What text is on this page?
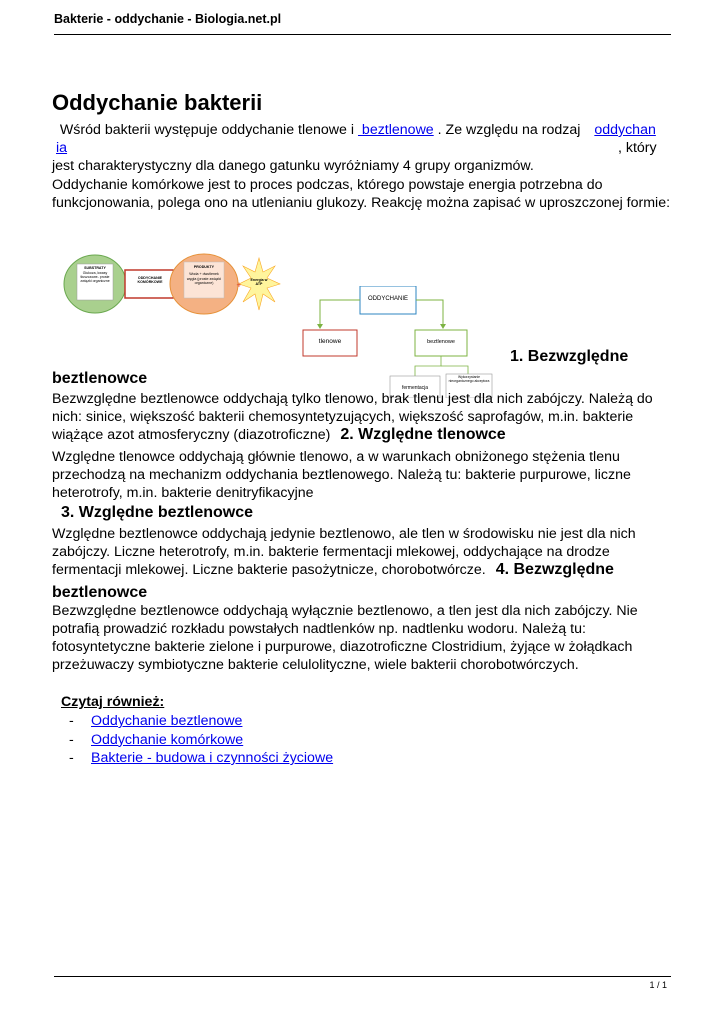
Bakterie - oddychanie - Biologia.net.pl
Oddychanie bakterii
Wśród bakterii występuje oddychanie tlenowe i  beztlenowe . Ze względu na rodzaj oddychan
ia	, który
jest charakterystyczny dla danego gatunku wyróżniamy 4 grupy organizmów.

Oddychanie komórkowe jest to proces podczas, którego powstaje energia potrzebna do funkcjonowania, polega ono na utlenianiu glukozy. Reakcję można zapisać w uproszczonej formie:

SUBSTRATY
Glukoza, kwasy tłuszczowe- proste związki organiczne
ODDYCHANIE KOMÓRKOWE
PRODUKTY
Woda + dwutlenek węgla (proste związki organiczne)	+	Energia w ATP
ODDYCHANIE
tlenowe	beztlenowe
fermentacja
Wykorzystanie nieorganicznego akceptora
1. Bezwzględne
beztlenowce

Bezwzględne beztlenowce oddychają tylko tlenowo, brak tlenu jest dla nich zabójczy. Należą do nich: sinice, większość bakterii chemosyntetyzujących, większość saprofagów, m.in. bakterie wiążące azot atmosferyczny (diazotroficzne) 2. Względne tlenowce

Względne tlenowce oddychają głównie tlenowo, a w warunkach obniżonego stężenia tlenu przechodzą na mechanizm oddychania beztlenowego. Należą tu: bakterie purpurowe, liczne heterotrofy, m.in. bakterie denitryfikacyjne

3. Względne beztlenowce

Względne beztlenowce oddychają jedynie beztlenowo, ale tlen w środowisku nie jest dla nich zabójczy. Liczne heterotrofy, m.in. bakterie fermentacji mlekowej, oddychające na drodze fermentacji mlekowej. Liczne bakterie pasożytnicze, chorobotwórcze. 4. Bezwzględne

beztlenowce

Bezwzględne beztlenowce oddychają wyłącznie beztlenowo, a tlen jest dla nich zabójczy. Nie potrafią prowadzić rozkładu powstałych nadtlenków np. nadtlenku wodoru. Należą tu: fotosyntetyczne bakterie zielone i purpurowe, diazotroficzne Clostridium, żyjące w żołądkach przeżuwaczy symbiotyczne bakterie celulolityczne, wiele bakterii chorobotwórczych.

Czytaj również:
-	Oddychanie beztlenowe
-	Oddychanie komórkowe
-	Bakterie - budowa i czynności życiowe
1 / 1
